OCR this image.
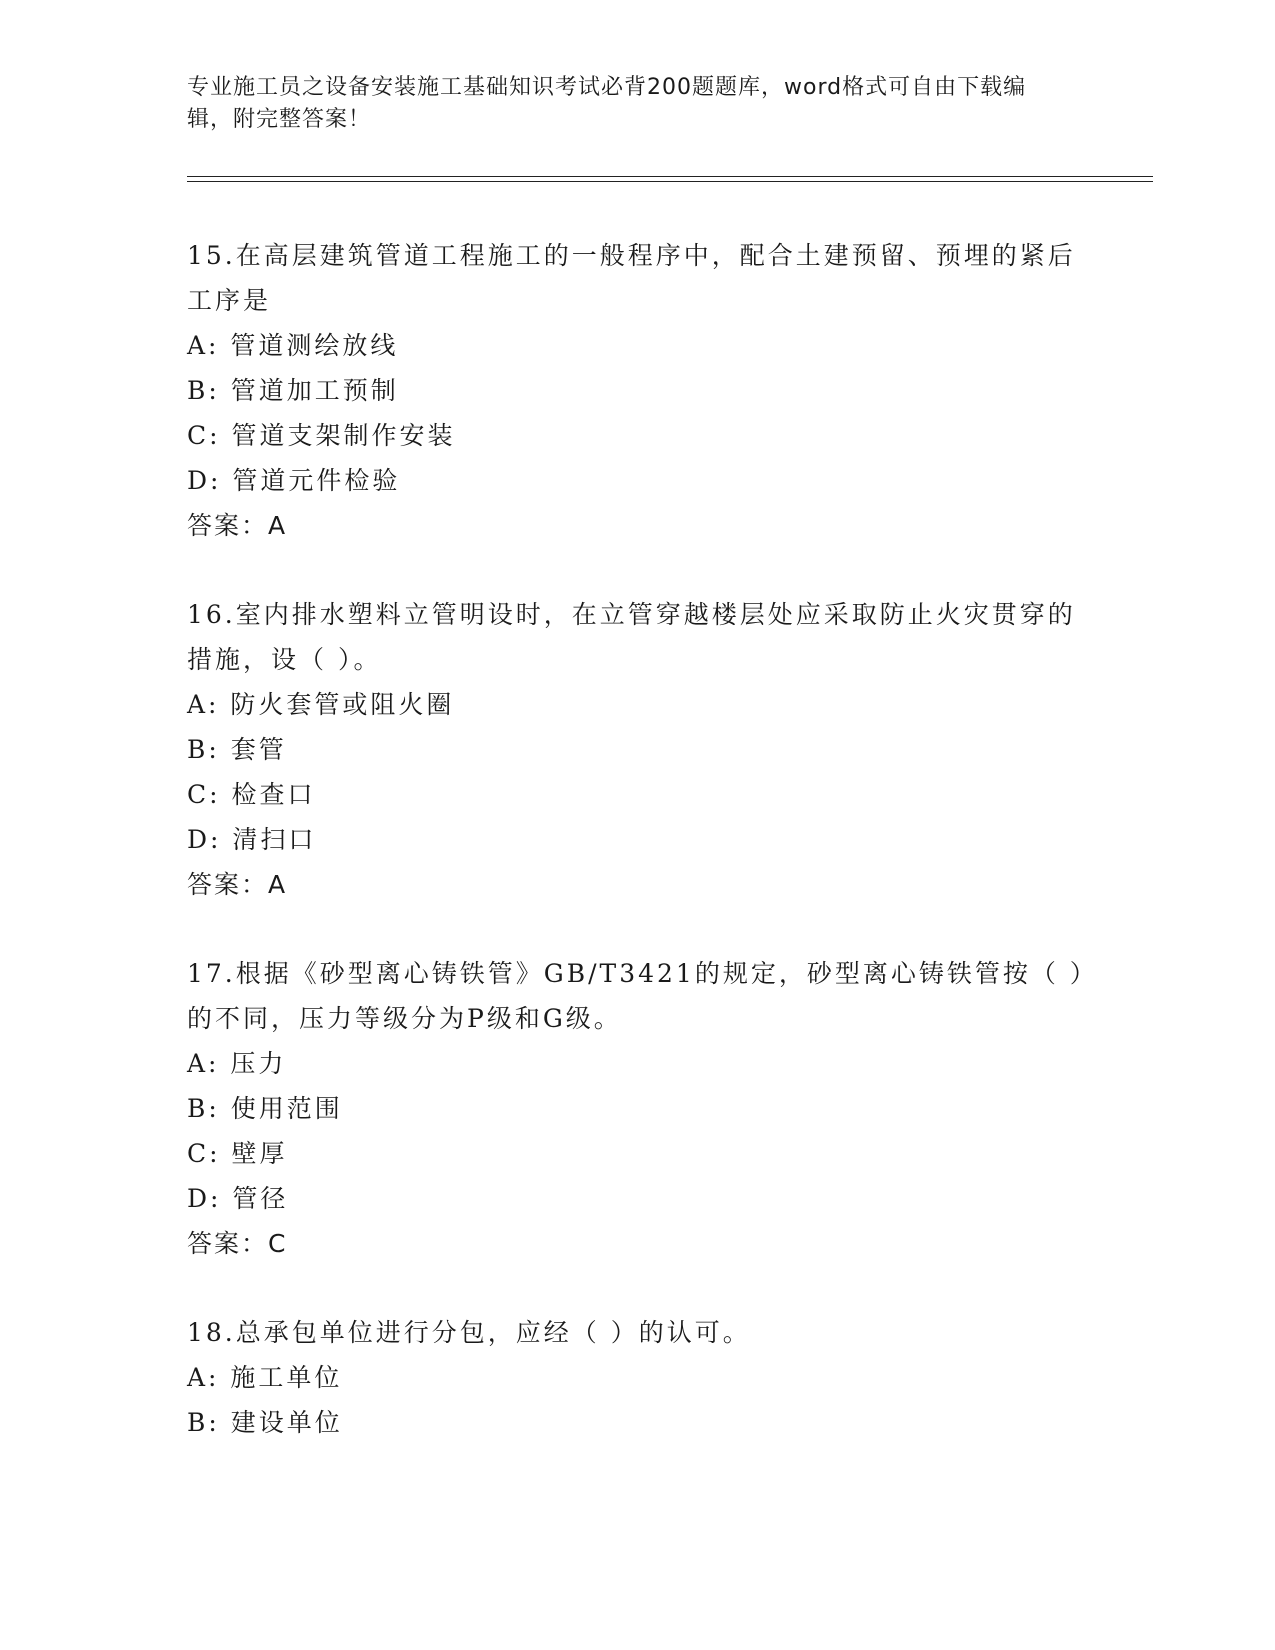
专业施工员之设备安装施工基础知识考试必背200题题库，word格式可自由下载编辑，附完整答案！

15.在高层建筑管道工程施工的一般程序中，配合土建预留、预埋的紧后工序是

A: 管道测绘放线

B: 管道加工预制

C: 管道支架制作安装

D: 管道元件检验

答案：A

16.室内排水塑料立管明设时，在立管穿越楼层处应采取防止火灾贯穿的措施，设（ ）。

A: 防火套管或阻火圈

B: 套管

C: 检查口

D: 清扫口

答案：A

17.根据《砂型离心铸铁管》GB/T3421的规定，砂型离心铸铁管按（ ）的不同，压力等级分为P级和G级。

A: 压力

B: 使用范围

C: 壁厚

D: 管径

答案：C

18.总承包单位进行分包，应经（ ）的认可。

A: 施工单位

B: 建设单位
